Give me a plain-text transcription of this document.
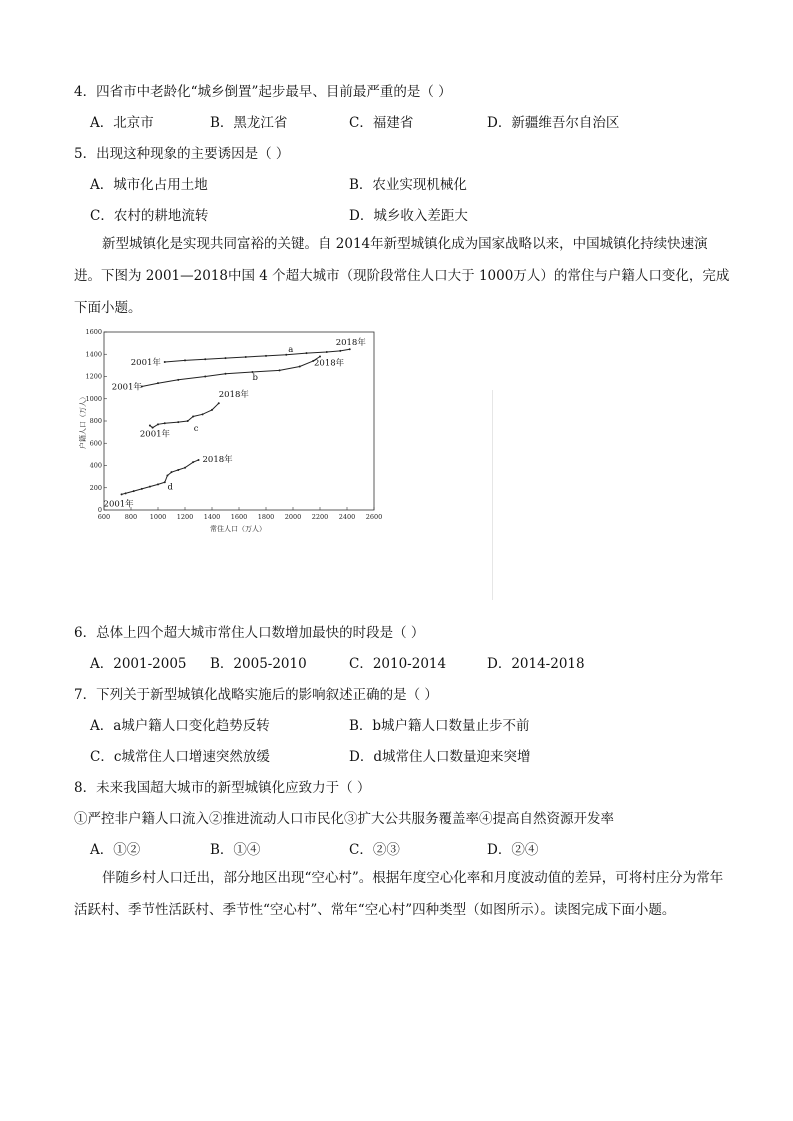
4．四省市中老龄化“城乡倒置”起步最早、目前最严重的是（ ）
A．北京市	B．黑龙江省	C．福建省	D．新疆维吾尔自治区
5．出现这种现象的主要诱因是（ ）
A．城市化占用土地	B．农业实现机械化
C．农村的耕地流转	D．城乡收入差距大
新型城镇化是实现共同富裕的关键。自 2014年新型城镇化成为国家战略以来，中国城镇化持续快速演进。下图为 2001—2018中国 4 个超大城市（现阶段常住人口大于 1000万人）的常住与户籍人口变化，完成下面小题。
600 800 1000 1200 1400 1600 1800 2000 2200 2400 2600
0
200
400
600
800
1000
1200
1400
1600
常住人口（万人）
户籍人口（万人）
a
2001年
2018年
b
2001年
2018年
c
2001年
2018年
d
2001年
2018年
6．总体上四个超大城市常住人口数增加最快的时段是（ ）
A．2001-2005 B．2005-2010	C．2010-2014	D．2014-2018
7．下列关于新型城镇化战略实施后的影响叙述正确的是（ ）
A．a城户籍人口变化趋势反转	B．b城户籍人口数量止步不前
C．c城常住人口增速突然放缓	D．d城常住人口数量迎来突增
8．未来我国超大城市的新型城镇化应致力于（ ）
①严控非户籍人口流入②推进流动人口市民化③扩大公共服务覆盖率④提高自然资源开发率
A．①②	B．①④	C．②③	D．②④
伴随乡村人口迁出，部分地区出现“空心村”。根据年度空心化率和月度波动值的差异，可将村庄分为常年活跃村、季节性活跃村、季节性“空心村”、常年“空心村”四种类型（如图所示）。读图完成下面小题。
